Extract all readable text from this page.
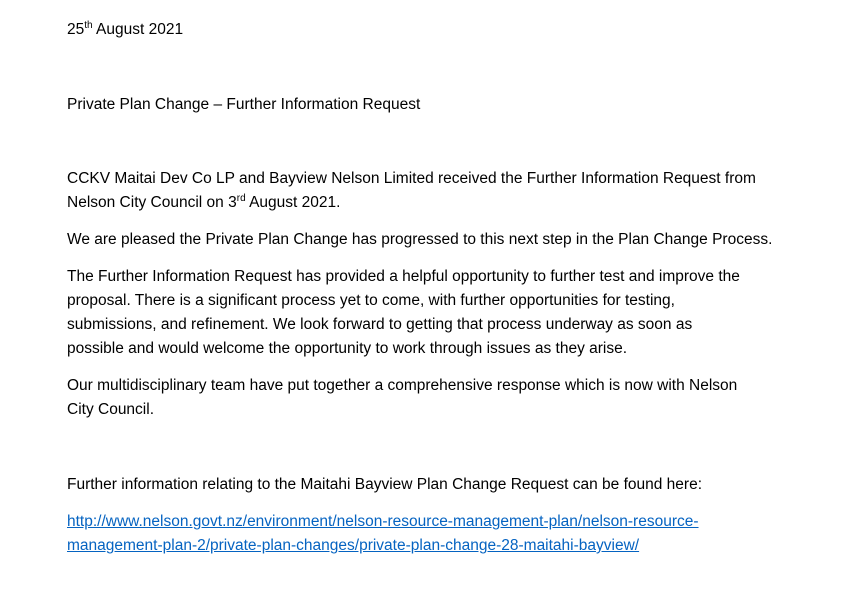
25th August 2021

Private Plan Change – Further Information Request

CCKV Maitai Dev Co LP and Bayview Nelson Limited received the Further Information Request from

Nelson City Council on 3rd August 2021.

We are pleased the Private Plan Change has progressed to this next step in the Plan Change Process.

The Further Information Request has provided a helpful opportunity to further test and improve the

proposal. There is a significant process yet to come, with further opportunities for testing,

submissions, and refinement. We look forward to getting that process underway as soon as

possible and would welcome the opportunity to work through issues as they arise.

Our multidisciplinary team have put together a comprehensive response which is now with Nelson

City Council.

Further information relating to the Maitahi Bayview Plan Change Request can be found here:

http://www.nelson.govt.nz/environment/nelson-resource-management-plan/nelson-resource-

management-plan-2/private-plan-changes/private-plan-change-28-maitahi-bayview/
